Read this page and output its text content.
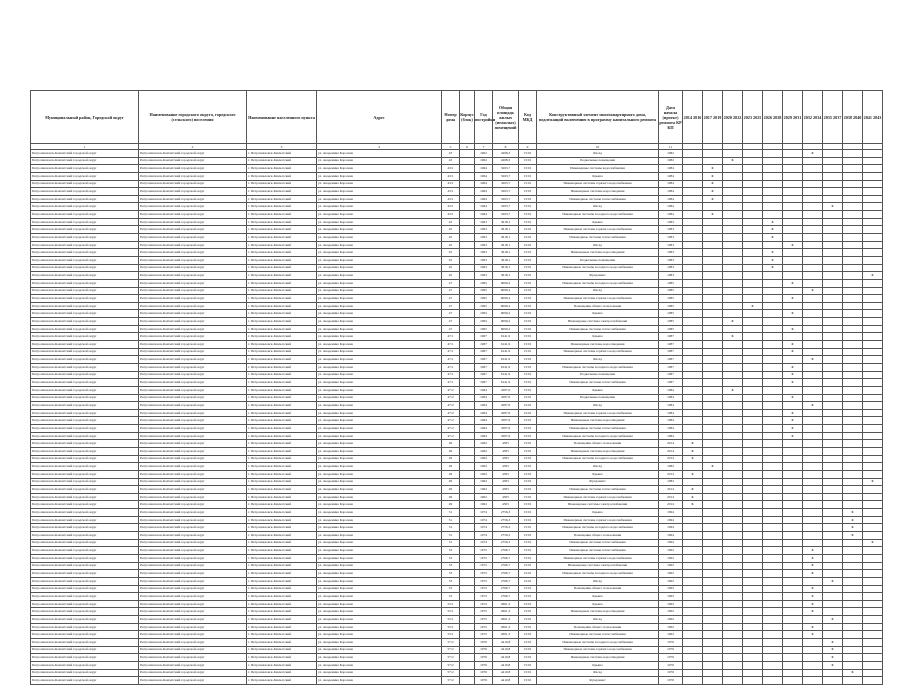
Муниципальный район, Городской округ	Наименование городского округа, городского (сельского) поселения	Наименование населенного пункта	Адрес	Номер дома	Корпус (блок)	Год постройки	Общая площадь жилых (нежилых) помещений	Код МКД	Конструктивный элемент многоквартирного дома, подлежащий включению в программу капитального ремонта	Дата начала (проект) ремонта КР КП	2014 2016	2017 2019	2020 2022	2023 2025	2026 2028	2029 2031	2032 2034	2035 2037	2038 2040	2041 2043
1	2	3	4	5	6	7	8	9	10	11										
Петропавловск-Камчатский городской округ	Петропавловск-Камчатский городской округ	г. Петропавловск-Камчатский	ул. Академика Королева	43		1962	4268,3	15:01	Фасад	1982							X			
Петропавловск-Камчатский городской округ	Петропавловск-Камчатский городской округ	г. Петропавловск-Камчатский	ул. Академика Королева	43		1962	4268,3	15:01	Подвальные помещения	1982			X							
Петропавловск-Камчатский городской округ	Петропавловск-Камчатский городской округ	г. Петропавловск-Камчатский	ул. Академика Королева	43/1		1964	3263,7	15:01	Инженерные системы водоснабжения	1984		X								
Петропавловск-Камчатский городской округ	Петропавловск-Камчатский городской округ	г. Петропавловск-Камчатский	ул. Академика Королева	43/1		1964	3263,7	15:01	Крыша	1984		X								
Петропавловск-Камчатский городской округ	Петропавловск-Камчатский городской округ	г. Петропавловск-Камчатский	ул. Академика Королева	43/1		1964	3263,7	15:01	Инженерные системы горячего водоснабжения	1984		X								
Петропавловск-Камчатский городской округ	Петропавловск-Камчатский городской округ	г. Петропавловск-Камчатский	ул. Академика Королева	43/1		1964	3263,7	15:01	Инженерные системы водоотведения	1984		X								
Петропавловск-Камчатский городской округ	Петропавловск-Камчатский городской округ	г. Петропавловск-Камчатский	ул. Академика Королева	43/1		1964	3263,7	15:01	Инженерные системы теплоснабжения	1984		X								
Петропавловск-Камчатский городской округ	Петропавловск-Камчатский городской округ	г. Петропавловск-Камчатский	ул. Академика Королева	43/1		1964	3263,7	15:01	Фасад	1984								X		
Петропавловск-Камчатский городской округ	Петропавловск-Камчатский городской округ	г. Петропавловск-Камчатский	ул. Академика Королева	43/1		1964	3263,7	15:01	Инженерные системы холодного водоснабжения	1984		X								
Петропавловск-Камчатский городской округ	Петропавловск-Камчатский городской округ	г. Петропавловск-Камчатский	ул. Академика Королева	45		1963	3618,1	15:01	Крыша	1983					X					
Петропавловск-Камчатский городской округ	Петропавловск-Камчатский городской округ	г. Петропавловск-Камчатский	ул. Академика Королева	45		1963	3618,1	15:01	Инженерные системы горячего водоснабжения	1983					X					
Петропавловск-Камчатский городской округ	Петропавловск-Камчатский городской округ	г. Петропавловск-Камчатский	ул. Академика Королева	45		1963	3618,1	15:01	Инженерные системы теплоснабжения	1983					X					
Петропавловск-Камчатский городской округ	Петропавловск-Камчатский городской округ	г. Петропавловск-Камчатский	ул. Академика Королева	45		1963	3618,1	15:01	Фасад	1983						X				
Петропавловск-Камчатский городской округ	Петропавловск-Камчатский городской округ	г. Петропавловск-Камчатский	ул. Академика Королева	45		1963	3618,1	15:01	Инженерные системы водоотведения	1983					X					
Петропавловск-Камчатский городской округ	Петропавловск-Камчатский городской округ	г. Петропавловск-Камчатский	ул. Академика Королева	45		1963	3618,1	15:01	Подвальные помещения	1983					X					
Петропавловск-Камчатский городской округ	Петропавловск-Камчатский городской округ	г. Петропавловск-Камчатский	ул. Академика Королева	45		1963	3618,1	15:01	Инженерные системы холодного водоснабжения	1983					X					
Петропавловск-Камчатский городской округ	Петропавловск-Камчатский городской округ	г. Петропавловск-Камчатский	ул. Академика Королева	45		1963	3618,1	15:01	Фундамент	1983										X
Петропавловск-Камчатский городской округ	Петропавловск-Камчатский городской округ	г. Петропавловск-Камчатский	ул. Академика Королева	47		1965	6090,2	15:01	Инженерные системы холодного водоснабжения	1985						X				
Петропавловск-Камчатский городской округ	Петропавловск-Камчатский городской округ	г. Петропавловск-Камчатский	ул. Академика Королева	47		1965	6090,2	15:01	Фасад	1985							X			
Петропавловск-Камчатский городской округ	Петропавловск-Камчатский городской округ	г. Петропавловск-Камчатский	ул. Академика Королева	47		1965	6090,2	15:01	Инженерные системы горячего водоснабжения	1985						X				
Петропавловск-Камчатский городской округ	Петропавловск-Камчатский городской округ	г. Петропавловск-Камчатский	ул. Академика Королева	47		1965	6090,2	15:01	Помещения общего пользования	1985				X						
Петропавловск-Камчатский городской округ	Петропавловск-Камчатский городской округ	г. Петропавловск-Камчатский	ул. Академика Королева	47		1965	6090,2	15:01	Крыша	1985						X				
Петропавловск-Камчатский городской округ	Петропавловск-Камчатский городской округ	г. Петропавловск-Камчатский	ул. Академика Королева	47		1965	6090,2	15:01	Инженерные системы электроснабжения	1985			X							
Петропавловск-Камчатский городской округ	Петропавловск-Камчатский городской округ	г. Петропавловск-Камчатский	ул. Академика Королева	47		1965	6090,2	15:01	Инженерные системы теплоснабжения	1985						X				
Петропавловск-Камчатский городской округ	Петропавловск-Камчатский городской округ	г. Петропавловск-Камчатский	ул. Академика Королева	47/1		1967	6141,9	15:01	Крыша	1987			X							
Петропавловск-Камчатский городской округ	Петропавловск-Камчатский городской округ	г. Петропавловск-Камчатский	ул. Академика Королева	47/1		1967	6141,9	15:01	Инженерные системы водоотведения	1987						X				
Петропавловск-Камчатский городской округ	Петропавловск-Камчатский городской округ	г. Петропавловск-Камчатский	ул. Академика Королева	47/1		1967	6141,9	15:01	Инженерные системы горячего водоснабжения	1987						X				
Петропавловск-Камчатский городской округ	Петропавловск-Камчатский городской округ	г. Петропавловск-Камчатский	ул. Академика Королева	47/1		1967	6141,9	15:01	Фасад	1987							X			
Петропавловск-Камчатский городской округ	Петропавловск-Камчатский городской округ	г. Петропавловск-Камчатский	ул. Академика Королева	47/1		1967	6141,9	15:01	Инженерные системы холодного водоснабжения	1987						X				
Петропавловск-Камчатский городской округ	Петропавловск-Камчатский городской округ	г. Петропавловск-Камчатский	ул. Академика Королева	47/1		1967	6141,9	15:01	Подвальные помещения	1987						X				
Петропавловск-Камчатский городской округ	Петропавловск-Камчатский городской округ	г. Петропавловск-Камчатский	ул. Академика Королева	47/1		1967	6141,9	15:01	Инженерные системы теплоснабжения	1987						X				
Петропавловск-Камчатский городской округ	Петропавловск-Камчатский городской округ	г. Петропавловск-Камчатский	ул. Академика Королева	47/2		1964	4587,6	15:01	Крыша	1984			X							
Петропавловск-Камчатский городской округ	Петропавловск-Камчатский городской округ	г. Петропавловск-Камчатский	ул. Академика Королева	47/2		1964	4587,6	15:01	Подвальные помещения	1984						X				
Петропавловск-Камчатский городской округ	Петропавловск-Камчатский городской округ	г. Петропавловск-Камчатский	ул. Академика Королева	47/2		1964	4587,6	15:01	Фасад	1984							X			
Петропавловск-Камчатский городской округ	Петропавловск-Камчатский городской округ	г. Петропавловск-Камчатский	ул. Академика Королева	47/2		1964	4587,6	15:01	Инженерные системы горячего водоснабжения	1984						X				
Петропавловск-Камчатский городской округ	Петропавловск-Камчатский городской округ	г. Петропавловск-Камчатский	ул. Академика Королева	47/2		1964	4587,6	15:01	Инженерные системы водоотведения	1984						X				
Петропавловск-Камчатский городской округ	Петропавловск-Камчатский городской округ	г. Петропавловск-Камчатский	ул. Академика Королева	47/2		1964	4587,6	15:01	Инженерные системы теплоснабжения	1984						X				
Петропавловск-Камчатский городской округ	Петропавловск-Камчатский городской округ	г. Петропавловск-Камчатский	ул. Академика Королева	47/2		1964	4587,6	15:01	Инженерные системы холодного водоснабжения	1984						X				
Петропавловск-Камчатский городской округ	Петропавловск-Камчатский городской округ	г. Петропавловск-Камчатский	ул. Академика Королева	49		1962	4305	15:01	Помещения общего пользования	2014	X									
Петропавловск-Камчатский городской округ	Петропавловск-Камчатский городской округ	г. Петропавловск-Камчатский	ул. Академика Королева	49		1962	4305	15:01	Инженерные системы водоотведения	2014	X									
Петропавловск-Камчатский городской округ	Петропавловск-Камчатский городской округ	г. Петропавловск-Камчатский	ул. Академика Королева	49		1962	4305	15:01	Инженерные системы холодного водоснабжения	2014	X									
Петропавловск-Камчатский городской округ	Петропавловск-Камчатский городской округ	г. Петропавловск-Камчатский	ул. Академика Королева	49		1962	4305	15:01	Фасад	1982		X								
Петропавловск-Камчатский городской округ	Петропавловск-Камчатский городской округ	г. Петропавловск-Камчатский	ул. Академика Королева	49		1962	4305	15:01	Крыша	2014	X									
Петропавловск-Камчатский городской округ	Петропавловск-Камчатский городской округ	г. Петропавловск-Камчатский	ул. Академика Королева	49		1962	4305	15:01	Фундамент	1982										X
Петропавловск-Камчатский городской округ	Петропавловск-Камчатский городской округ	г. Петропавловск-Камчатский	ул. Академика Королева	49		1962	4305	15:01	Инженерные системы теплоснабжения	2014	X									
Петропавловск-Камчатский городской округ	Петропавловск-Камчатский городской округ	г. Петропавловск-Камчатский	ул. Академика Королева	49		1962	4305	15:01	Инженерные системы горячего водоснабжения	2014	X									
Петропавловск-Камчатский городской округ	Петропавловск-Камчатский городской округ	г. Петропавловск-Камчатский	ул. Академика Королева	49		1962	4305	15:01	Инженерные системы электроснабжения	2014	X									
Петропавловск-Камчатский городской округ	Петропавловск-Камчатский городской округ	г. Петропавловск-Камчатский	ул. Академика Королева	51		1974	2756,3	15:01	Крыша	1994									X	
Петропавловск-Камчатский городской округ	Петропавловск-Камчатский городской округ	г. Петропавловск-Камчатский	ул. Академика Королева	51		1974	2756,3	15:01	Инженерные системы горячего водоснабжения	1994									X	
Петропавловск-Камчатский городской округ	Петропавловск-Камчатский городской округ	г. Петропавловск-Камчатский	ул. Академика Королева	51		1974	2756,3	15:01	Инженерные системы холодного водоснабжения	1994									X	
Петропавловск-Камчатский городской округ	Петропавловск-Камчатский городской округ	г. Петропавловск-Камчатский	ул. Академика Королева	51		1974	2756,3	15:01	Помещения общего пользования	1994									X	
Петропавловск-Камчатский городской округ	Петропавловск-Камчатский городской округ	г. Петропавловск-Камчатский	ул. Академика Королева	51		1974	2756,3	15:01	Инженерные системы теплоснабжения	1994										X
Петропавловск-Камчатский городской округ	Петропавловск-Камчатский городской округ	г. Петропавловск-Камчатский	ул. Академика Королева	53		1972	2766,7	15:01	Инженерные системы теплоснабжения	1992							X			
Петропавловск-Камчатский городской округ	Петропавловск-Камчатский городской округ	г. Петропавловск-Камчатский	ул. Академика Королева	53		1972	2766,7	15:01	Инженерные системы горячего водоснабжения	1992							X			
Петропавловск-Камчатский городской округ	Петропавловск-Камчатский городской округ	г. Петропавловск-Камчатский	ул. Академика Королева	53		1972	2766,7	15:01	Инженерные системы электроснабжения	1992							X			
Петропавловск-Камчатский городской округ	Петропавловск-Камчатский городской округ	г. Петропавловск-Камчатский	ул. Академика Королева	53		1972	2766,7	15:01	Инженерные системы холодного водоснабжения	1992							X			
Петропавловск-Камчатский городской округ	Петропавловск-Камчатский городской округ	г. Петропавловск-Камчатский	ул. Академика Королева	53		1972	2766,7	15:01	Фасад	1992								X		
Петропавловск-Камчатский городской округ	Петропавловск-Камчатский городской округ	г. Петропавловск-Камчатский	ул. Академика Королева	53		1972	2766,7	15:01	Помещения общего пользования	1992							X			
Петропавловск-Камчатский городской округ	Петропавловск-Камчатский городской округ	г. Петропавловск-Камчатский	ул. Академика Королева	53		1972	2766,7	15:01	Крыша	1992							X			
Петропавловск-Камчатский городской округ	Петропавловск-Камчатский городской округ	г. Петропавловск-Камчатский	ул. Академика Королева	55/1		1972	2661,3	15:01	Крыша	1992							X			
Петропавловск-Камчатский городской округ	Петропавловск-Камчатский городской округ	г. Петропавловск-Камчатский	ул. Академика Королева	55/1		1972	2661,3	15:01	Инженерные системы водоотведения	1992							X			
Петропавловск-Камчатский городской округ	Петропавловск-Камчатский городской округ	г. Петропавловск-Камчатский	ул. Академика Королева	55/1		1972	2661,3	15:01	Фасад	1992								X		
Петропавловск-Камчатский городской округ	Петропавловск-Камчатский городской округ	г. Петропавловск-Камчатский	ул. Академика Королева	55/1		1972	2661,3	15:01	Помещения общего пользования	1992							X			
Петропавловск-Камчатский городской округ	Петропавловск-Камчатский городской округ	г. Петропавловск-Камчатский	ул. Академика Королева	55/1		1972	2661,3	15:01	Инженерные системы теплоснабжения	1992							X			
Петропавловск-Камчатский городской округ	Петропавловск-Камчатский городской округ	г. Петропавловск-Камчатский	ул. Академика Королева	57/2		1976	4410,8	15:01	Инженерные системы холодного водоснабжения	1976								X		
Петропавловск-Камчатский городской округ	Петропавловск-Камчатский городской округ	г. Петропавловск-Камчатский	ул. Академика Королева	57/2		1976	4410,8	15:01	Инженерные системы горячего водоснабжения	1976								X		
Петропавловск-Камчатский городской округ	Петропавловск-Камчатский городской округ	г. Петропавловск-Камчатский	ул. Академика Королева	57/2		1976	4410,8	15:01	Инженерные системы водоотведения	1976								X		
Петропавловск-Камчатский городской округ	Петропавловск-Камчатский городской округ	г. Петропавловск-Камчатский	ул. Академика Королева	57/2		1976	4410,8	15:01	Крыша	1976								X		
Петропавловск-Камчатский городской округ	Петропавловск-Камчатский городской округ	г. Петропавловск-Камчатский	ул. Академика Королева	57/2		1976	4410,8	15:01	Фасад	1976									X	
Петропавловск-Камчатский городской округ	Петропавловск-Камчатский городской округ	г. Петропавловск-Камчатский	ул. Академика Королева	57/2		1976	4410,8	15:01	Фундамент	1976										
